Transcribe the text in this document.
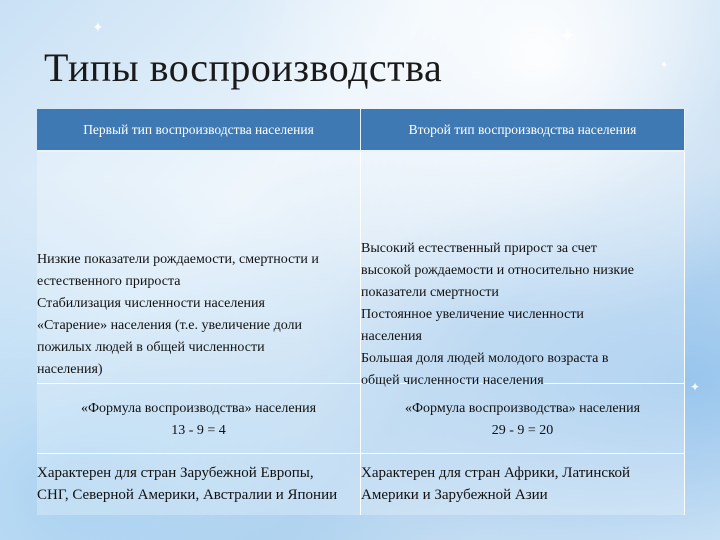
✦	✦
✦
✦
Типы воспроизводства
Первый тип воспроизводства населения	Второй тип воспроизводства населения
Низкие показатели рождаемости, смертности и
естественного прироста
Стабилизация численности населения
«Старение» населения (т.е. увеличение доли
пожилых людей в общей численности
населения)
Высокий естественный прирост за счет
высокой рождаемости и относительно низкие
показатели смертности
Постоянное увеличение численности
населения
Большая доля людей молодого возраста в
общей численности населения
«Формула воспроизводства» населения
13 - 9 = 4
«Формула воспроизводства» населения
29 - 9 = 20
Характерен для стран Зарубежной Европы,
СНГ, Северной Америки, Австралии и Японии
Характерен для стран Африки, Латинской
Америки и Зарубежной Азии
